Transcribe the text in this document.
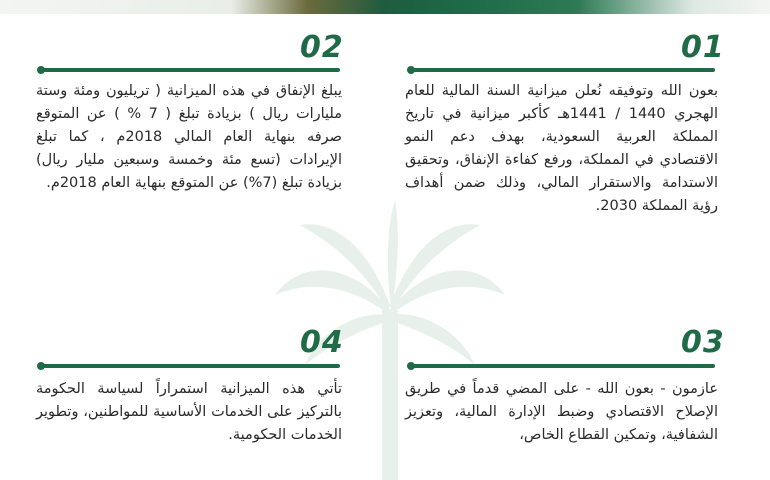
01
بعون الله وتوفيقه نُعلن ميزانية السنة المالية للعام الهجري 1440 / 1441هـ كأكبر ميزانية في تاريخ المملكة العربية السعودية، بهدف دعم النمو الاقتصادي في المملكة، ورفع كفاءة الإنفاق، وتحقيق الاستدامة والاستقرار المالي، وذلك ضمن أهداف رؤية المملكة 2030.
02
يبلغ الإنفاق في هذه الميزانية ( تريليون ومئة وستة مليارات ريال ) بزيادة تبلغ ( 7 % ) عن المتوقع صرفه بنهاية العام المالي 2018م ، كما تبلغ الإيرادات (تسع مئة وخمسة وسبعين مليار ريال) بزيادة تبلغ (7%) عن المتوقع بنهاية العام 2018م.
03
عازمون - بعون الله - على المضي قدماً في طريق الإصلاح الاقتصادي وضبط الإدارة المالية، وتعزيز الشفافية، وتمكين القطاع الخاص،
04
تأتي هذه الميزانية استمراراً لسياسة الحكومة بالتركيز على الخدمات الأساسية للمواطنين، وتطوير الخدمات الحكومية.
